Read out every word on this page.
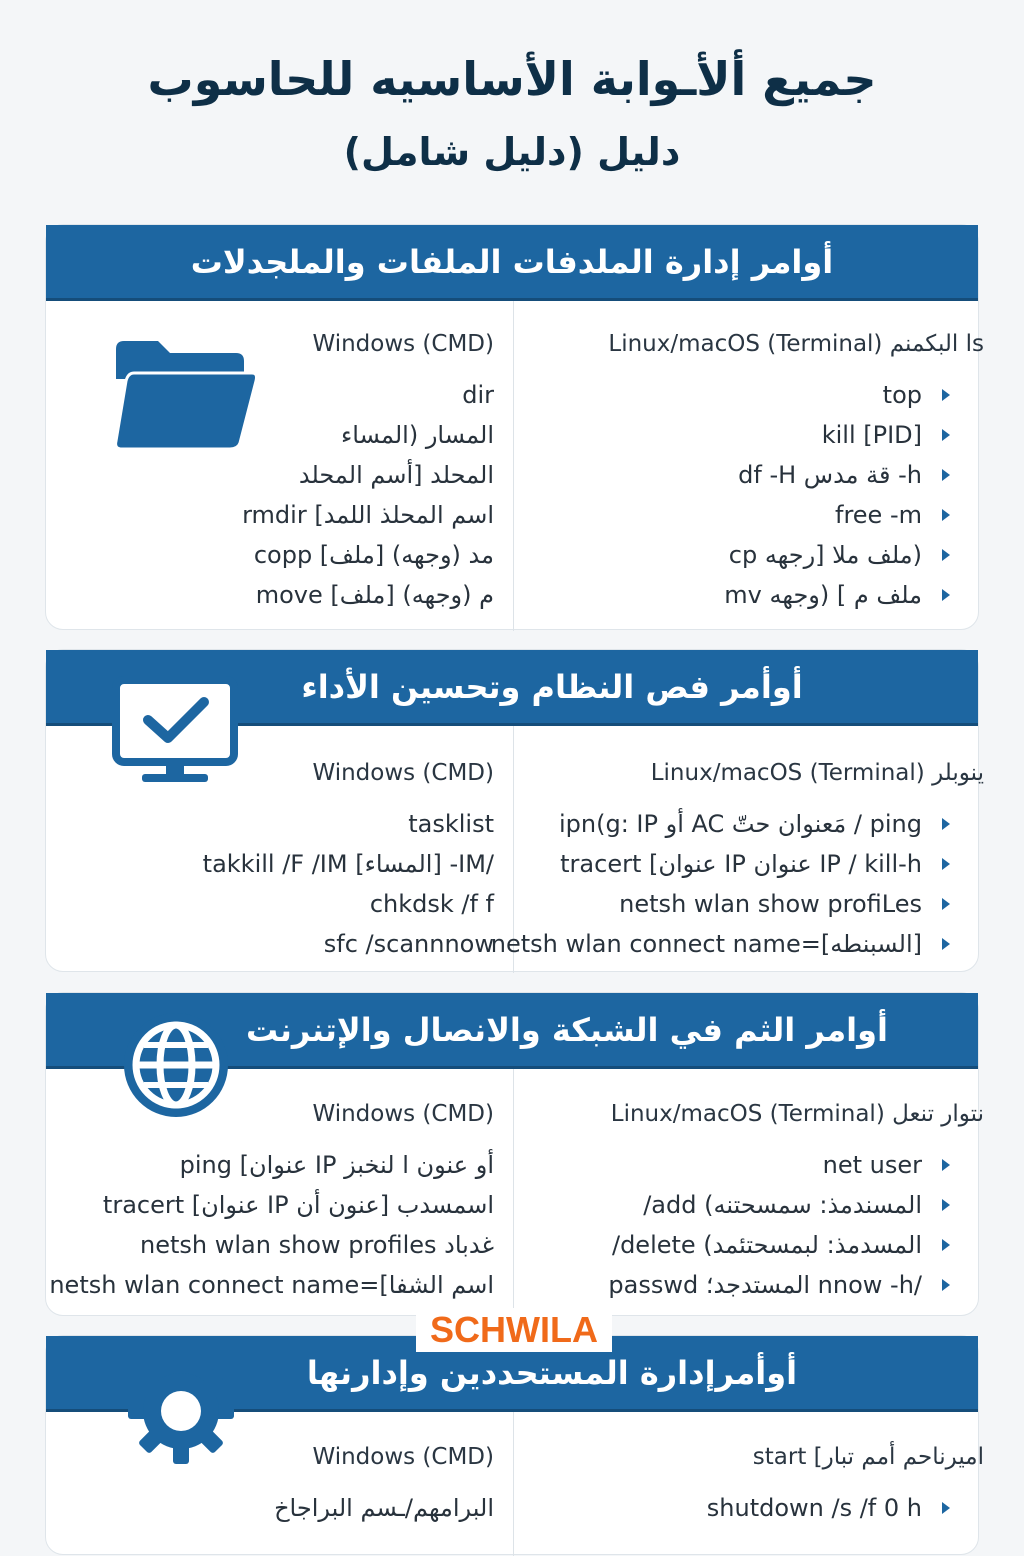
جميع ألأـوابة الأساسيه للحاسوب
دليل (دليل شامل)
أوامر إدارة الملدفات الملفات والملجدلات
Windows (CMD)
dir
المسار (المساء
المحلد [أسم المحلد
rmdir [اسم المحلذ اللمد
copp [ملف] (وجهه) مد
move [ملف] (وجهه) م
Linux/macOS (Terminal) البكمنم ls
top
kill [PID]
df -H قة مدس -h
free -m
cp ملف ملا [رجهه)
mv ملف م ] (وجهه
أوأمر فص النظام وتحسين الأداء
Windows (CMD)
tasklist
takkill /F /IM [المساء] -IM/
chkdsk /f f
sfc /scannnow
Linux/macOS (Terminal) ينوبلر
ipn(g: IP أو AC مَعنوان حتّ / ping
tracert [عنوان IP عنوان IP / kill-h
netsh wlan show profiLes
netsh wlan connect name=[السبنطه]
أوامر الثم في الشبكة والانصال والإتنرنت
Windows (CMD)
ping [عنوان IP أو عنون ا لنخبز
tracert [عنوان IP عنون أن] اسمسدب
netsh wlan show profiles غدباد
netsh wlan connect name=[اسم الشفا
Linux/macOS (Terminal) نتوار تنعل
net user
/add (المسندمذ: سمسحتنه
/delete (المسدمذ: لبمسحتئمد
passwd المستدجد؛ nnow -h/
SCHWILA
أوأمرإدارة المستحددين وإدارنها
Windows (CMD)
البرامهم/ـسم البراجاخ
start [اميرناحم أمم تبار
shutdown /s /f 0 h
